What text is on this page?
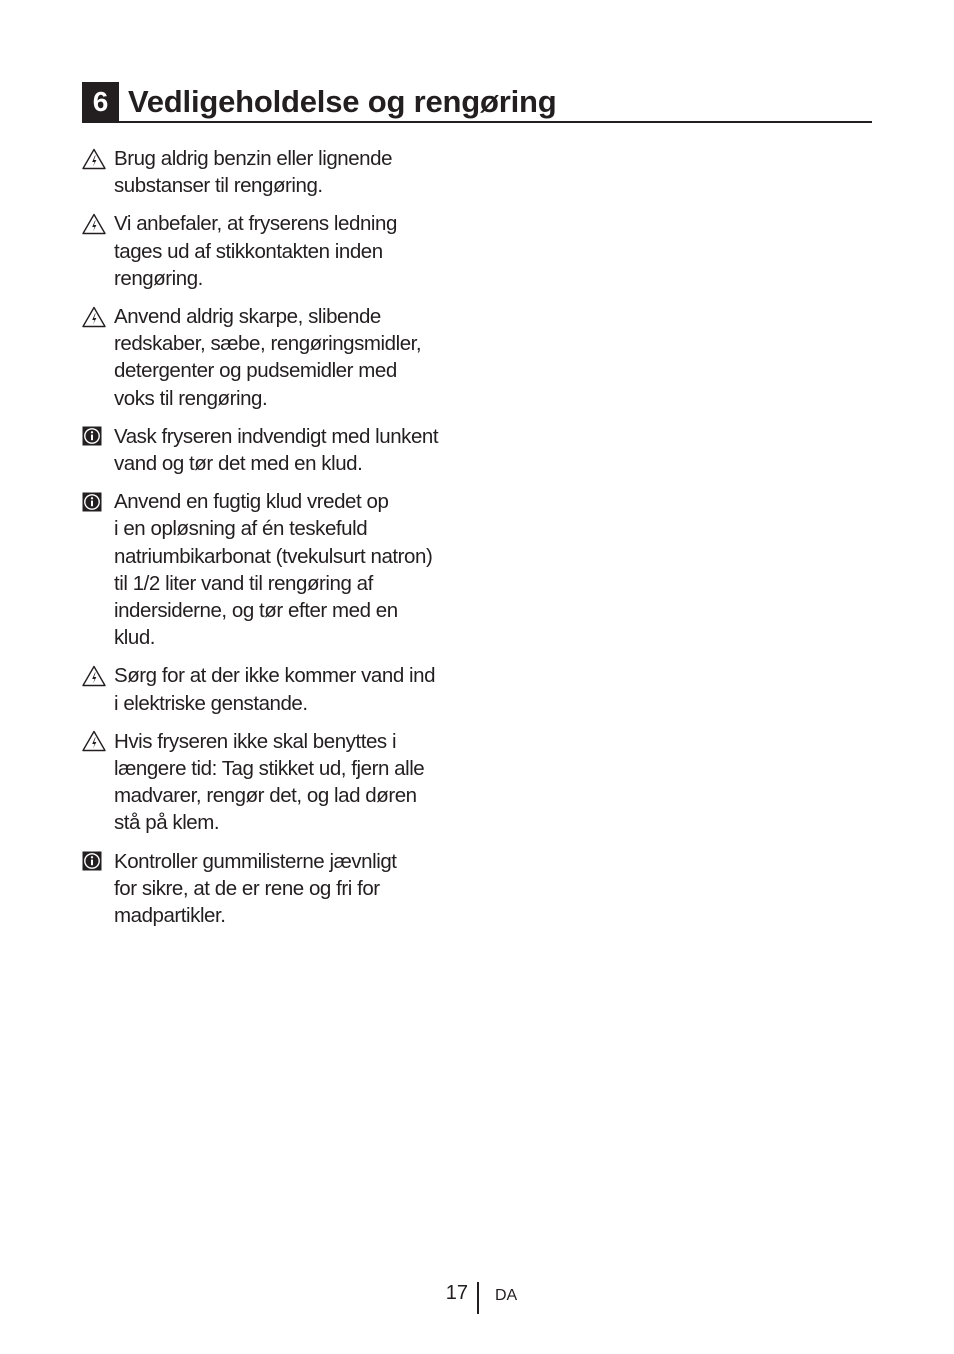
6 Vedligeholdelse og rengøring
Brug aldrig benzin eller lignende
substanser til rengøring.
Vi anbefaler, at fryserens ledning
tages ud af stikkontakten inden
rengøring.
Anvend aldrig skarpe, slibende
redskaber, sæbe, rengøringsmidler,
detergenter og pudsemidler med
voks til rengøring.
Vask fryseren indvendigt med lunkent
vand og tør det med en klud.
Anvend en fugtig klud vredet op
i en opløsning af én teskefuld
natriumbikarbonat (tvekulsurt natron)
til 1/2 liter vand til rengøring af
indersiderne, og tør efter med en
klud.
Sørg for at der ikke kommer vand ind
i elektriske genstande.
Hvis fryseren ikke skal benyttes i
længere tid: Tag stikket ud, fjern alle
madvarer, rengør det, og lad døren
stå på klem.
Kontroller gummilisterne jævnligt
for sikre, at de er rene og fri for
madpartikler.
17 DA
